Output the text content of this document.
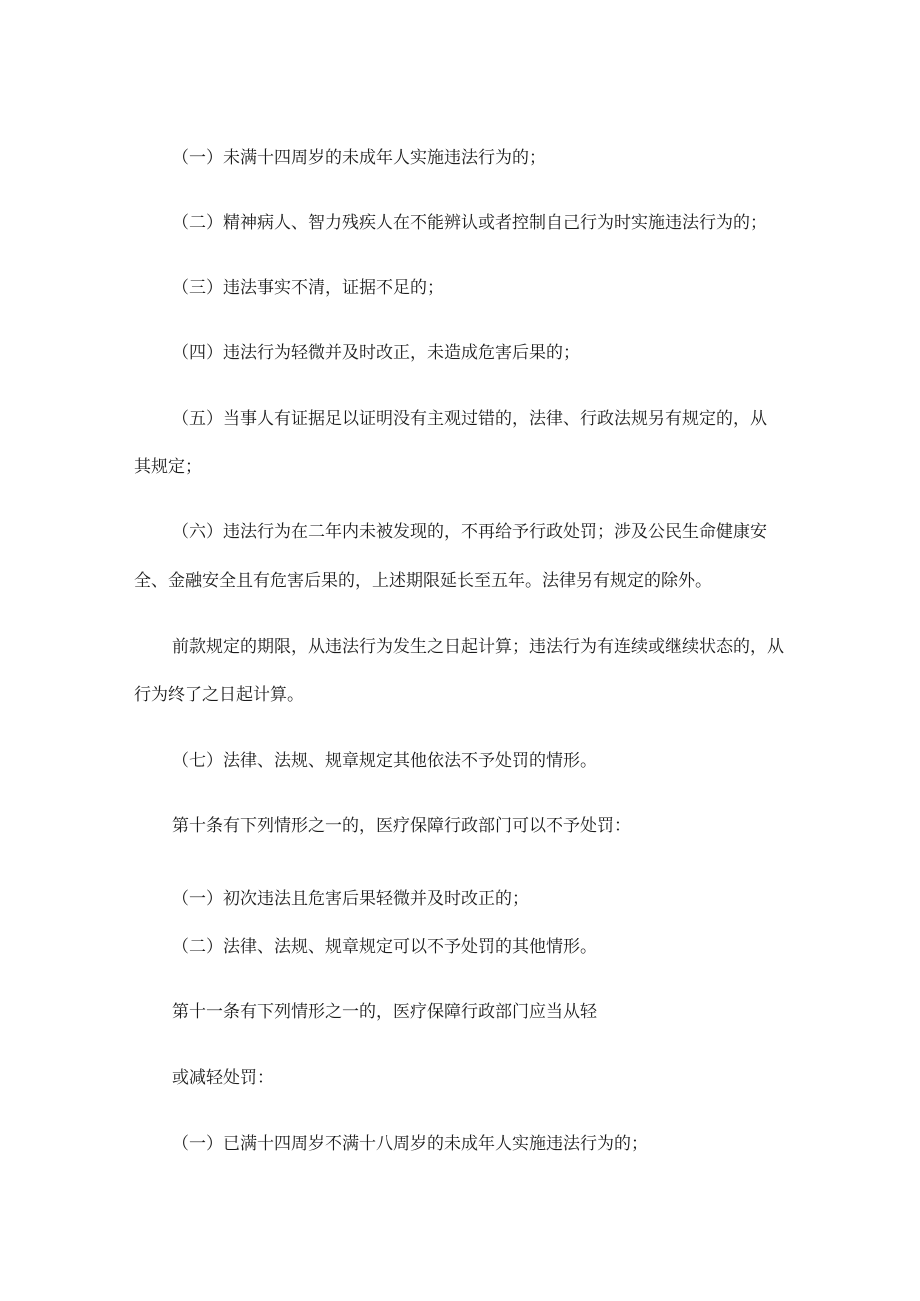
（一）未满十四周岁的未成年人实施违法行为的；

（二）精神病人、智力残疾人在不能辨认或者控制自己行为时实施违法行为的；

（三）违法事实不清，证据不足的；

（四）违法行为轻微并及时改正，未造成危害后果的；

（五）当事人有证据足以证明没有主观过错的，法律、行政法规另有规定的，从

其规定；

（六）违法行为在二年内未被发现的，不再给予行政处罚；涉及公民生命健康安

全、金融安全且有危害后果的，上述期限延长至五年。法律另有规定的除外。

前款规定的期限，从违法行为发生之日起计算；违法行为有连续或继续状态的，从

行为终了之日起计算。

（七）法律、法规、规章规定其他依法不予处罚的情形。

第十条有下列情形之一的，医疗保障行政部门可以不予处罚：

（一）初次违法且危害后果轻微并及时改正的；

（二）法律、法规、规章规定可以不予处罚的其他情形。

第十一条有下列情形之一的，医疗保障行政部门应当从轻

或减轻处罚：

（一）已满十四周岁不满十八周岁的未成年人实施违法行为的；
